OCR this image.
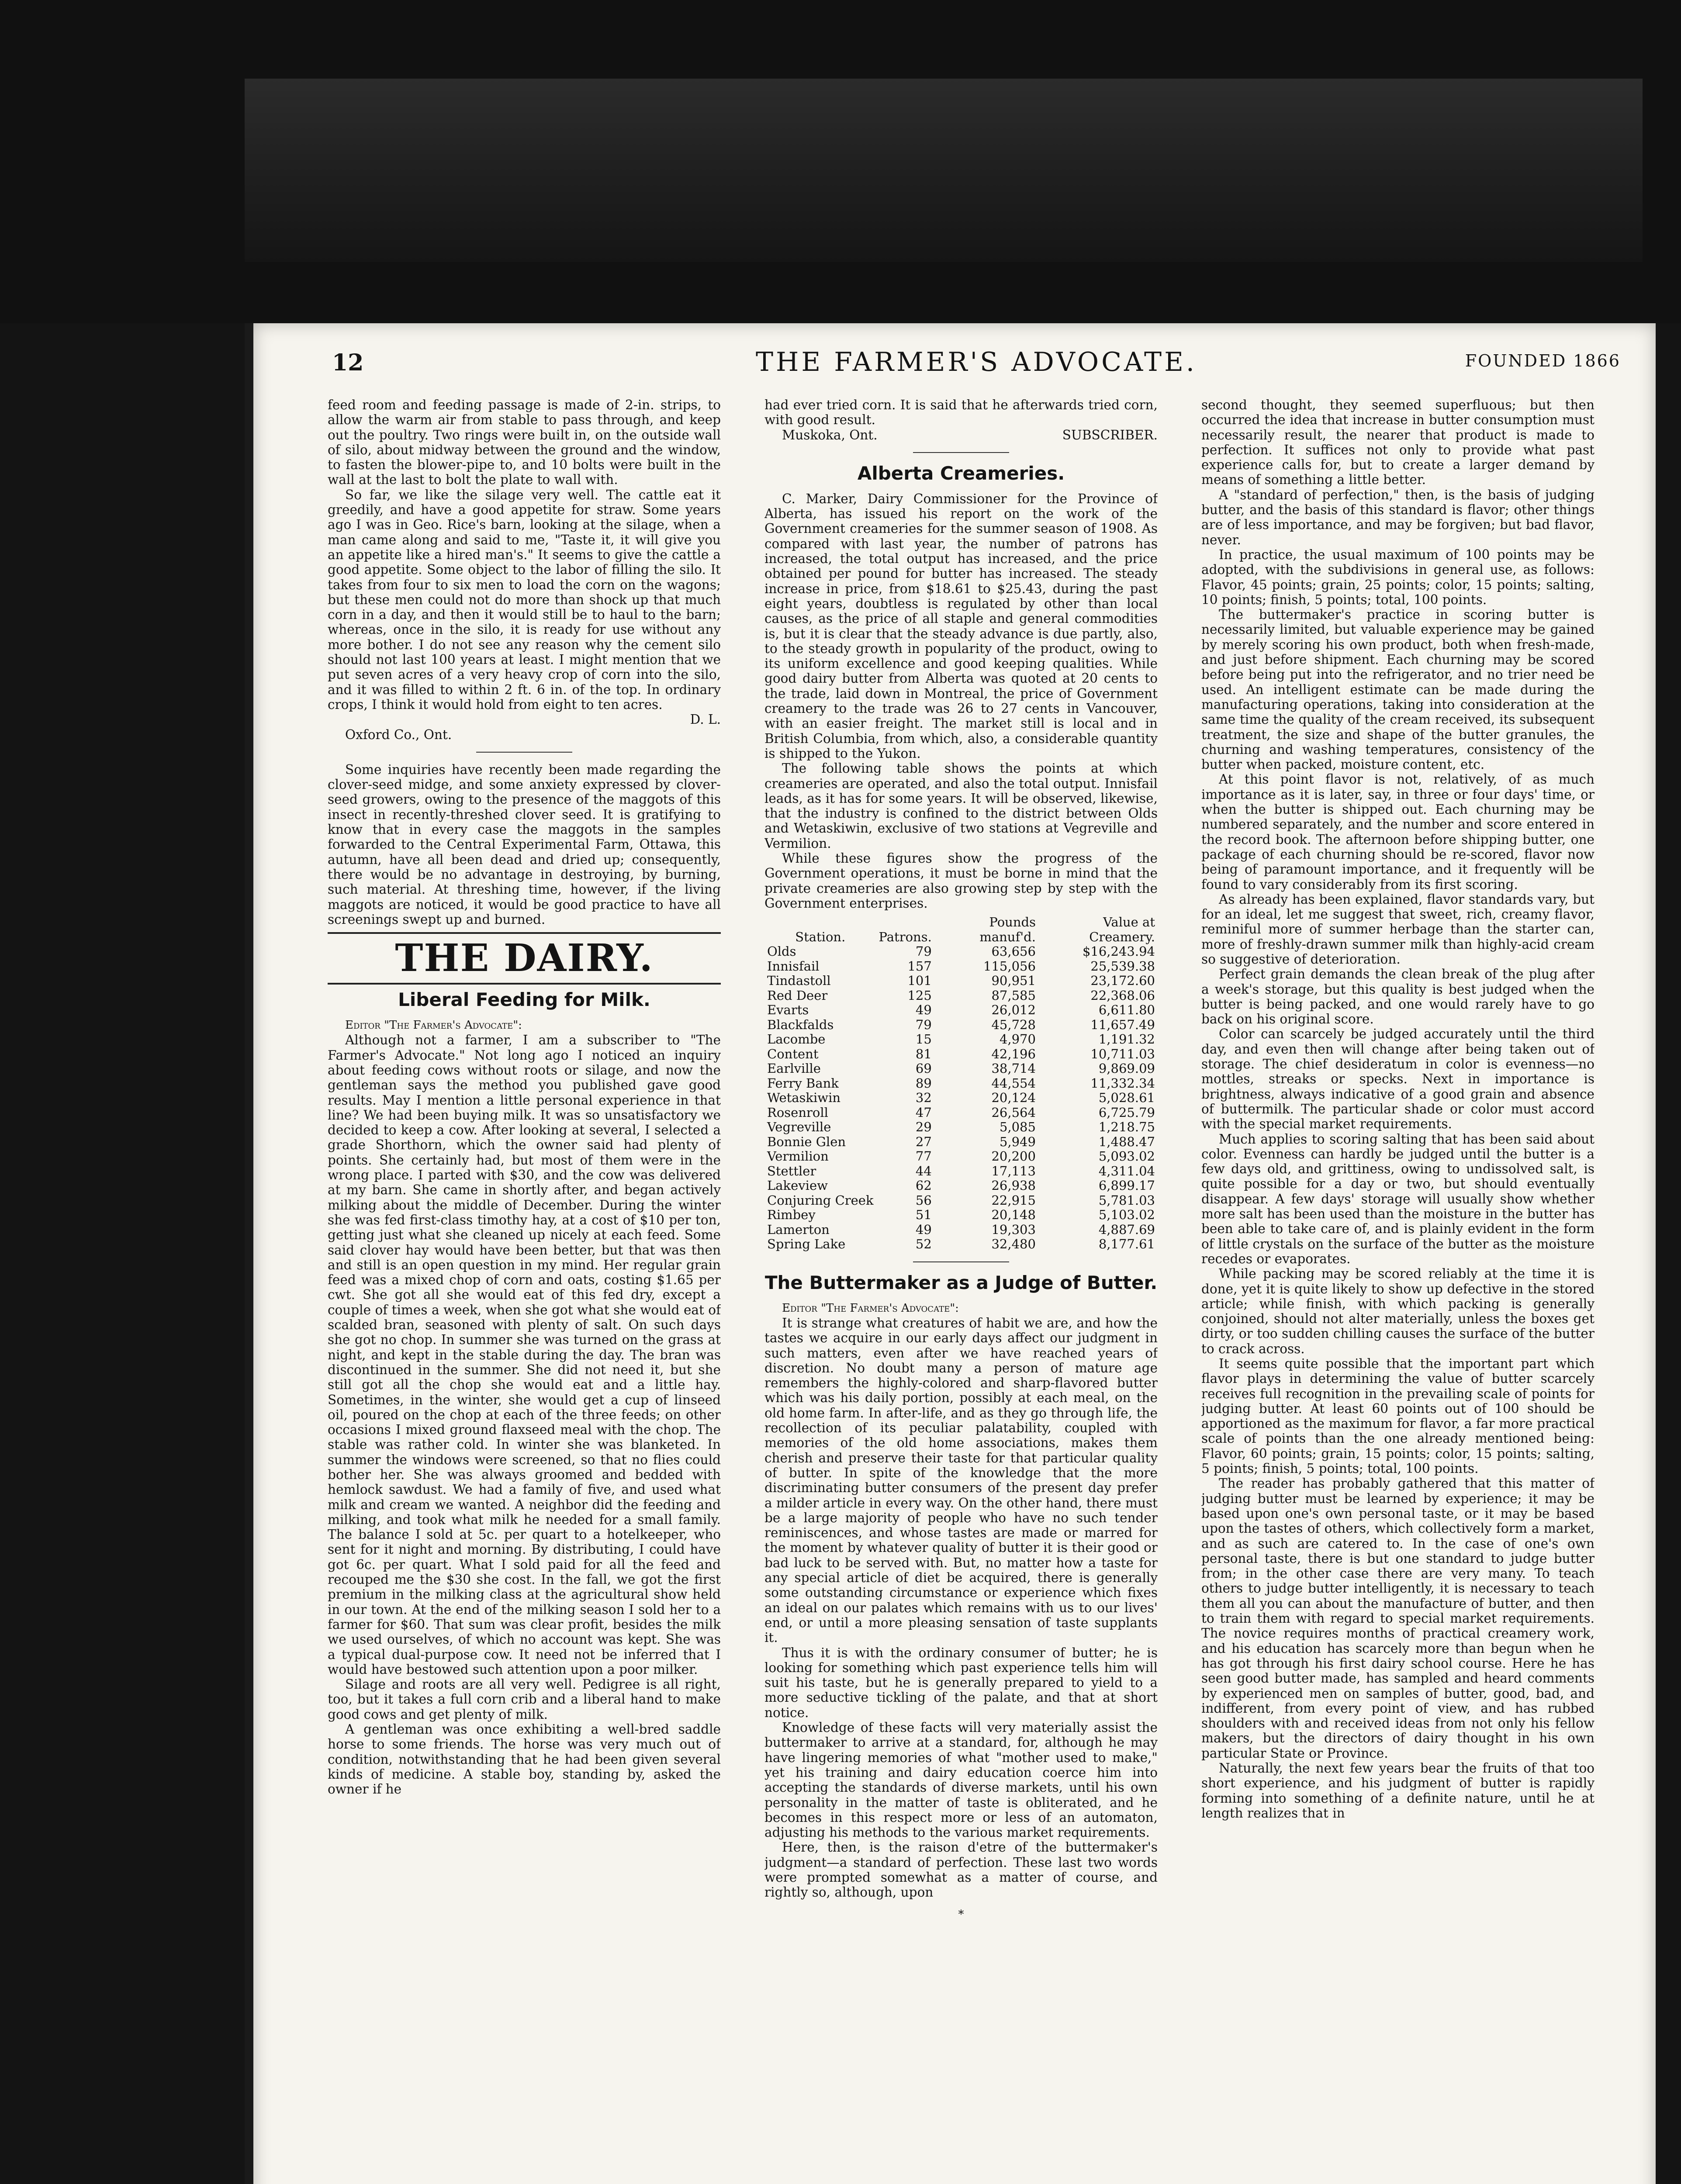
12	THE FARMER'S ADVOCATE.	FOUNDED 1866

feed room and feeding passage is made of 2-in. strips, to allow the warm air from stable to pass through, and keep out the poultry. Two rings were built in, on the outside wall of silo, about midway between the ground and the window, to fasten the blower-pipe to, and 10 bolts were built in the wall at the last to bolt the plate to wall with.

So far, we like the silage very well. The cattle eat it greedily, and have a good appetite for straw. Some years ago I was in Geo. Rice's barn, looking at the silage, when a man came along and said to me, "Taste it, it will give you an appetite like a hired man's." It seems to give the cattle a good appetite. Some object to the labor of filling the silo. It takes from four to six men to load the corn on the wagons; but these men could not do more than shock up that much corn in a day, and then it would still be to haul to the barn; whereas, once in the silo, it is ready for use without any more bother. I do not see any reason why the cement silo should not last 100 years at least. I might mention that we put seven acres of a very heavy crop of corn into the silo, and it was filled to within 2 ft. 6 in. of the top. In ordinary crops, I think it would hold from eight to ten acres.

D. L.

Oxford Co., Ont.

Some inquiries have recently been made regarding the clover-seed midge, and some anxiety expressed by clover-seed growers, owing to the presence of the maggots of this insect in recently-threshed clover seed. It is gratifying to know that in every case the maggots in the samples forwarded to the Central Experimental Farm, Ottawa, this autumn, have all been dead and dried up; consequently, there would be no advantage in destroying, by burning, such material. At threshing time, however, if the living maggots are noticed, it would be good practice to have all screenings swept up and burned.

THE DAIRY.
Liberal Feeding for Milk.

Editor "The Farmer's Advocate":

Although not a farmer, I am a subscriber to "The Farmer's Advocate." Not long ago I noticed an inquiry about feeding cows without roots or silage, and now the gentleman says the method you published gave good results. May I mention a little personal experience in that line? We had been buying milk. It was so unsatisfactory we decided to keep a cow. After looking at several, I selected a grade Shorthorn, which the owner said had plenty of points. She certainly had, but most of them were in the wrong place. I parted with $30, and the cow was delivered at my barn. She came in shortly after, and began actively milking about the middle of December. During the winter she was fed first-class timothy hay, at a cost of $10 per ton, getting just what she cleaned up nicely at each feed. Some said clover hay would have been better, but that was then and still is an open question in my mind. Her regular grain feed was a mixed chop of corn and oats, costing $1.65 per cwt. She got all she would eat of this fed dry, except a couple of times a week, when she got what she would eat of scalded bran, seasoned with plenty of salt. On such days she got no chop. In summer she was turned on the grass at night, and kept in the stable during the day. The bran was discontinued in the summer. She did not need it, but she still got all the chop she would eat and a little hay. Sometimes, in the winter, she would get a cup of linseed oil, poured on the chop at each of the three feeds; on other occasions I mixed ground flaxseed meal with the chop. The stable was rather cold. In winter she was blanketed. In summer the windows were screened, so that no flies could bother her. She was always groomed and bedded with hemlock sawdust. We had a family of five, and used what milk and cream we wanted. A neighbor did the feeding and milking, and took what milk he needed for a small family. The balance I sold at 5c. per quart to a hotelkeeper, who sent for it night and morning. By distributing, I could have got 6c. per quart. What I sold paid for all the feed and recouped me the $30 she cost. In the fall, we got the first premium in the milking class at the agricultural show held in our town. At the end of the milking season I sold her to a farmer for $60. That sum was clear profit, besides the milk we used ourselves, of which no account was kept. She was a typical dual-purpose cow. It need not be inferred that I would have bestowed such attention upon a poor milker.

Silage and roots are all very well. Pedigree is all right, too, but it takes a full corn crib and a liberal hand to make good cows and get plenty of milk.

A gentleman was once exhibiting a well-bred saddle horse to some friends. The horse was very much out of condition, notwithstanding that he had been given several kinds of medicine. A stable boy, standing by, asked the owner if he

had ever tried corn. It is said that he afterwards tried corn, with good result.

Muskoka, Ont.	SUBSCRIBER.

Alberta Creameries.

C. Marker, Dairy Commissioner for the Province of Alberta, has issued his report on the work of the Government creameries for the summer season of 1908. As compared with last year, the number of patrons has increased, the total output has increased, and the price obtained per pound for butter has increased. The steady increase in price, from $18.61 to $25.43, during the past eight years, doubtless is regulated by other than local causes, as the price of all staple and general commodities is, but it is clear that the steady advance is due partly, also, to the steady growth in popularity of the product, owing to its uniform excellence and good keeping qualities. While good dairy butter from Alberta was quoted at 20 cents to the trade, laid down in Montreal, the price of Government creamery to the trade was 26 to 27 cents in Vancouver, with an easier freight. The market still is local and in British Columbia, from which, also, a considerable quantity is shipped to the Yukon.

The following table shows the points at which creameries are operated, and also the total output. Innisfail leads, as it has for some years. It will be observed, likewise, that the industry is confined to the district between Olds and Wetaskiwin, exclusive of two stations at Vegreville and Vermilion.

While these figures show the progress of the Government operations, it must be borne in mind that the private creameries are also growing step by step with the Government enterprises.

Station.	Patrons.	Pounds manuf'd.	Value at Creamery.
Olds	79	63,656	$16,243.94
Innisfail	157	115,056	25,539.38
Tindastoll	101	90,951	23,172.60
Red Deer	125	87,585	22,368.06
Evarts	49	26,012	6,611.80
Blackfalds	79	45,728	11,657.49
Lacombe	15	4,970	1,191.32
Content	81	42,196	10,711.03
Earlville	69	38,714	9,869.09
Ferry Bank	89	44,554	11,332.34
Wetaskiwin	32	20,124	5,028.61
Rosenroll	47	26,564	6,725.79
Vegreville	29	5,085	1,218.75
Bonnie Glen	27	5,949	1,488.47
Vermilion	77	20,200	5,093.02
Stettler	44	17,113	4,311.04
Lakeview	62	26,938	6,899.17
Conjuring Creek	56	22,915	5,781.03
Rimbey	51	20,148	5,103.02
Lamerton	49	19,303	4,887.69
Spring Lake	52	32,480	8,177.61
The Buttermaker as a Judge of Butter.

Editor "The Farmer's Advocate":

It is strange what creatures of habit we are, and how the tastes we acquire in our early days affect our judgment in such matters, even after we have reached years of discretion. No doubt many a person of mature age remembers the highly-colored and sharp-flavored butter which was his daily portion, possibly at each meal, on the old home farm. In after-life, and as they go through life, the recollection of its peculiar palatability, coupled with memories of the old home associations, makes them cherish and preserve their taste for that particular quality of butter. In spite of the knowledge that the more discriminating butter consumers of the present day prefer a milder article in every way. On the other hand, there must be a large majority of people who have no such tender reminiscences, and whose tastes are made or marred for the moment by whatever quality of butter it is their good or bad luck to be served with. But, no matter how a taste for any special article of diet be acquired, there is generally some outstanding circumstance or experience which fixes an ideal on our palates which remains with us to our lives' end, or until a more pleasing sensation of taste supplants it.

Thus it is with the ordinary consumer of butter; he is looking for something which past experience tells him will suit his taste, but he is generally prepared to yield to a more seductive tickling of the palate, and that at short notice.

Knowledge of these facts will very materially assist the buttermaker to arrive at a standard, for, although he may have lingering memories of what "mother used to make," yet his training and dairy education coerce him into accepting the standards of diverse markets, until his own personality in the matter of taste is obliterated, and he becomes in this respect more or less of an automaton, adjusting his methods to the various market requirements.

Here, then, is the raison d'etre of the buttermaker's judgment—a standard of perfection. These last two words were prompted somewhat as a matter of course, and rightly so, although, upon

*

second thought, they seemed superfluous; but then occurred the idea that increase in butter consumption must necessarily result, the nearer that product is made to perfection. It suffices not only to provide what past experience calls for, but to create a larger demand by means of something a little better.

A "standard of perfection," then, is the basis of judging butter, and the basis of this standard is flavor; other things are of less importance, and may be forgiven; but bad flavor, never.

In practice, the usual maximum of 100 points may be adopted, with the subdivisions in general use, as follows: Flavor, 45 points; grain, 25 points; color, 15 points; salting, 10 points; finish, 5 points; total, 100 points.

The buttermaker's practice in scoring butter is necessarily limited, but valuable experience may be gained by merely scoring his own product, both when fresh-made, and just before shipment. Each churning may be scored before being put into the refrigerator, and no trier need be used. An intelligent estimate can be made during the manufacturing operations, taking into consideration at the same time the quality of the cream received, its subsequent treatment, the size and shape of the butter granules, the churning and washing temperatures, consistency of the butter when packed, moisture content, etc.

At this point flavor is not, relatively, of as much importance as it is later, say, in three or four days' time, or when the butter is shipped out. Each churning may be numbered separately, and the number and score entered in the record book. The afternoon before shipping butter, one package of each churning should be re-scored, flavor now being of paramount importance, and it frequently will be found to vary considerably from its first scoring.

As already has been explained, flavor standards vary, but for an ideal, let me suggest that sweet, rich, creamy flavor, reminiful more of summer herbage than the starter can, more of freshly-drawn summer milk than highly-acid cream so suggestive of deterioration.

Perfect grain demands the clean break of the plug after a week's storage, but this quality is best judged when the butter is being packed, and one would rarely have to go back on his original score.

Color can scarcely be judged accurately until the third day, and even then will change after being taken out of storage. The chief desideratum in color is evenness—no mottles, streaks or specks. Next in importance is brightness, always indicative of a good grain and absence of buttermilk. The particular shade or color must accord with the special market requirements.

Much applies to scoring salting that has been said about color. Evenness can hardly be judged until the butter is a few days old, and grittiness, owing to undissolved salt, is quite possible for a day or two, but should eventually disappear. A few days' storage will usually show whether more salt has been used than the moisture in the butter has been able to take care of, and is plainly evident in the form of little crystals on the surface of the butter as the moisture recedes or evaporates.

While packing may be scored reliably at the time it is done, yet it is quite likely to show up defective in the stored article; while finish, with which packing is generally conjoined, should not alter materially, unless the boxes get dirty, or too sudden chilling causes the surface of the butter to crack across.

It seems quite possible that the important part which flavor plays in determining the value of butter scarcely receives full recognition in the prevailing scale of points for judging butter. At least 60 points out of 100 should be apportioned as the maximum for flavor, a far more practical scale of points than the one already mentioned being: Flavor, 60 points; grain, 15 points; color, 15 points; salting, 5 points; finish, 5 points; total, 100 points.

The reader has probably gathered that this matter of judging butter must be learned by experience; it may be based upon one's own personal taste, or it may be based upon the tastes of others, which collectively form a market, and as such are catered to. In the case of one's own personal taste, there is but one standard to judge butter from; in the other case there are very many. To teach others to judge butter intelligently, it is necessary to teach them all you can about the manufacture of butter, and then to train them with regard to special market requirements. The novice requires months of practical creamery work, and his education has scarcely more than begun when he has got through his first dairy school course. Here he has seen good butter made, has sampled and heard comments by experienced men on samples of butter, good, bad, and indifferent, from every point of view, and has rubbed shoulders with and received ideas from not only his fellow makers, but the directors of dairy thought in his own particular State or Province.

Naturally, the next few years bear the fruits of that too short experience, and his judgment of butter is rapidly forming into something of a definite nature, until he at length realizes that in
